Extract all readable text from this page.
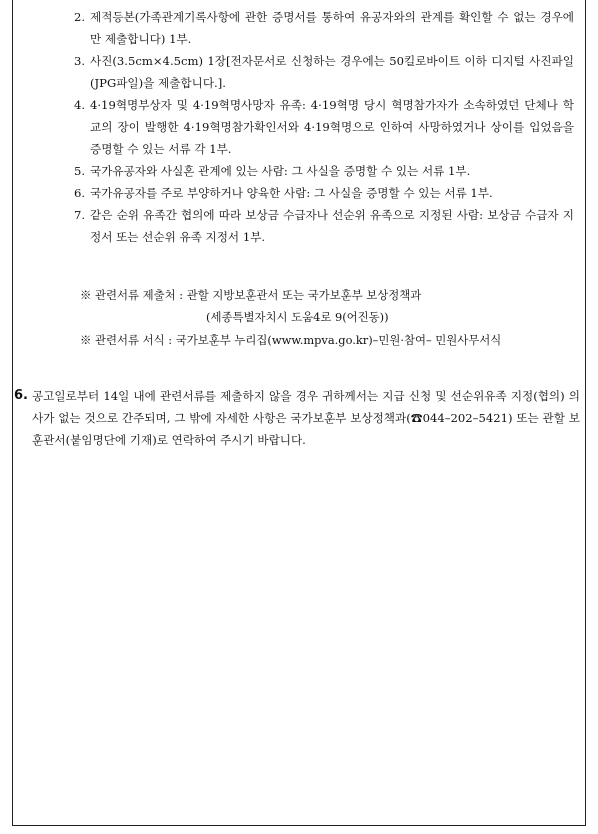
2. 제적등본(가족관계기록사항에 관한 증명서를 통하여 유공자와의 관계를 확인할 수 없는 경우에만 제출합니다) 1부.
3. 사진(3.5cm×4.5cm) 1장[전자문서로 신청하는 경우에는 50킬로바이트 이하 디지털 사진파일(JPG파일)을 제출합니다.].
4. 4·19혁명부상자 및 4·19혁명사망자 유족: 4·19혁명 당시 혁명참가자가 소속하였던 단체나 학교의 장이 발행한 4·19혁명참가확인서와 4·19혁명으로 인하여 사망하였거나 상이를 입었음을 증명할 수 있는 서류 각 1부.
5. 국가유공자와 사실혼 관계에 있는 사람: 그 사실을 증명할 수 있는 서류 1부.
6. 국가유공자를 주로 부양하거나 양육한 사람: 그 사실을 증명할 수 있는 서류 1부.
7. 같은 순위 유족간 협의에 따라 보상금 수급자나 선순위 유족으로 지정된 사람: 보상금 수급자 지정서 또는 선순위 유족 지정서 1부.
※ 관련서류 제출처 : 관할 지방보훈관서 또는 국가보훈부 보상정책과
(세종특별자치시 도움4로 9(어진동))
※ 관련서류 서식 : 국가보훈부 누리집(www.mpva.go.kr)–민원·참여– 민원사무서식
6. 공고일로부터 14일 내에 관련서류를 제출하지 않을 경우 귀하께서는 지급 신청 및 선순위유족 지정(협의) 의사가 없는 것으로 간주되며, 그 밖에 자세한 사항은 국가보훈부 보상정책과(☎044–202–5421) 또는 관할 보훈관서(붙임명단에 기재)로 연락하여 주시기 바랍니다.
